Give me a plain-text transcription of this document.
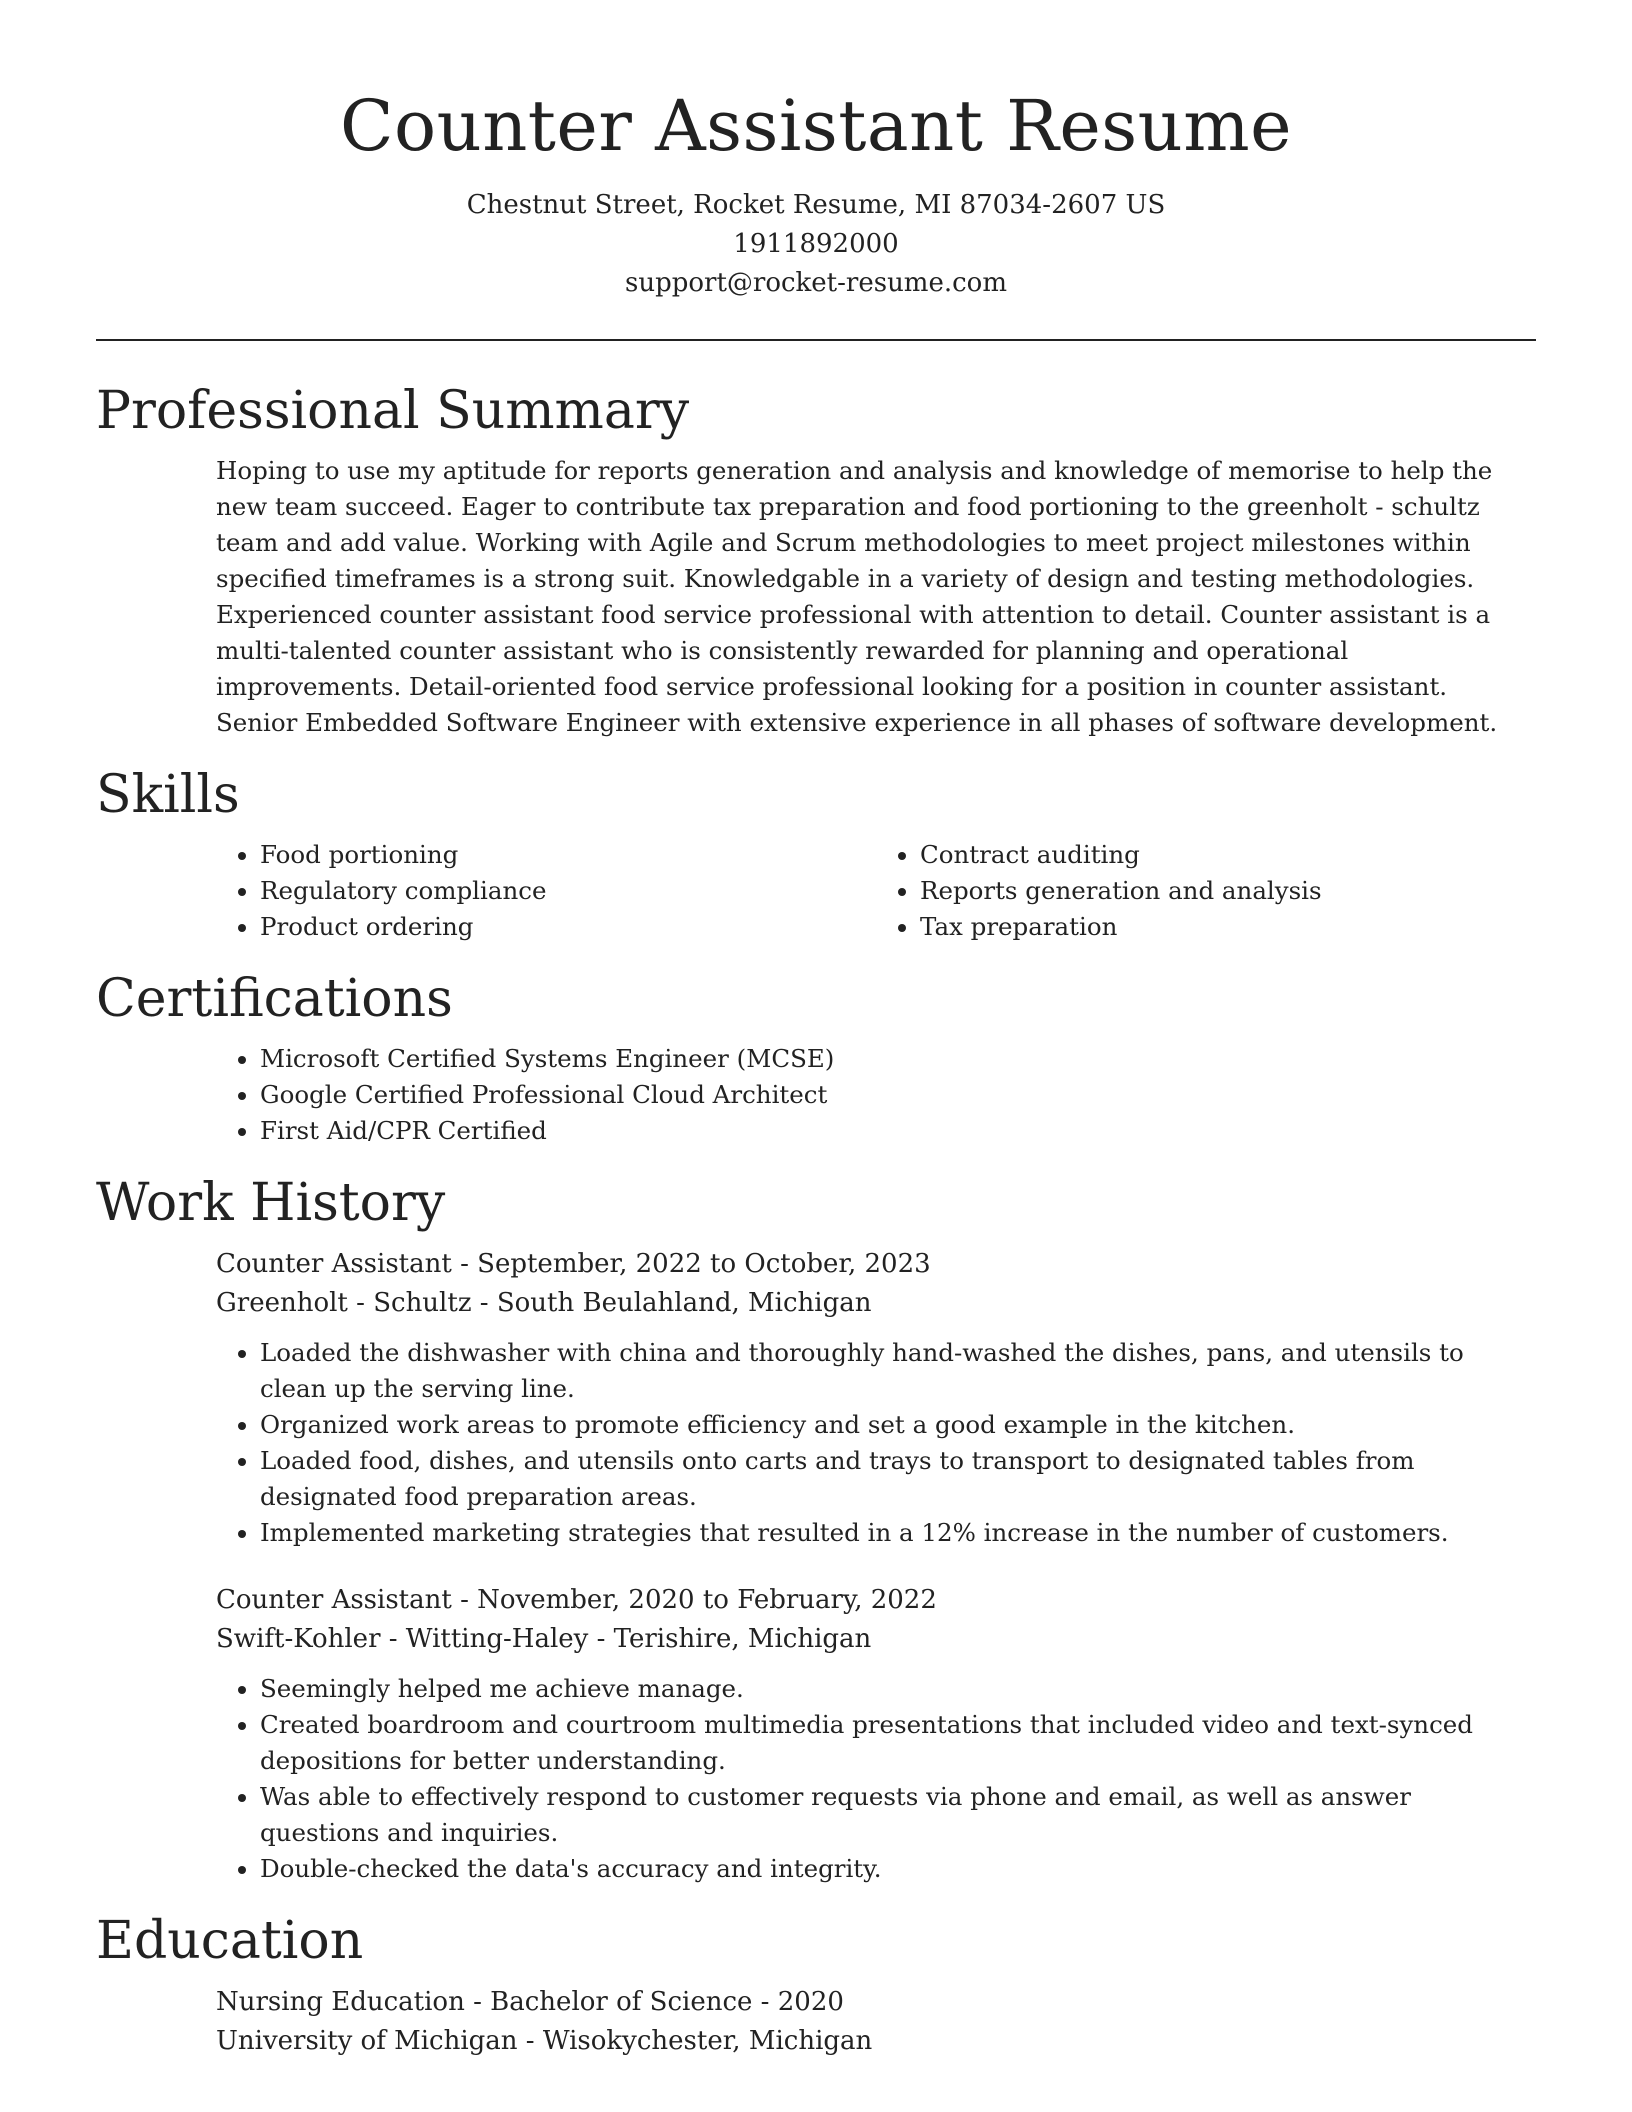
Counter Assistant Resume
Chestnut Street, Rocket Resume, MI 87034-2607 US
1911892000
support@rocket-resume.com
Professional Summary
Hoping to use my aptitude for reports generation and analysis and knowledge of memorise to help the new team succeed. Eager to contribute tax preparation and food portioning to the greenholt - schultz team and add value. Working with Agile and Scrum methodologies to meet project milestones within specified timeframes is a strong suit. Knowledgable in a variety of design and testing methodologies. Experienced counter assistant food service professional with attention to detail. Counter assistant is a multi-talented counter assistant who is consistently rewarded for planning and operational improvements. Detail-oriented food service professional looking for a position in counter assistant. Senior Embedded Software Engineer with extensive experience in all phases of software development.
Skills
• Food portioning
• Regulatory compliance
• Product ordering
• Contract auditing
• Reports generation and analysis
• Tax preparation
Certifications
• Microsoft Certified Systems Engineer (MCSE)
• Google Certified Professional Cloud Architect
• First Aid/CPR Certified
Work History
Counter Assistant - September, 2022 to October, 2023
Greenholt - Schultz - South Beulahland, Michigan
• Loaded the dishwasher with china and thoroughly hand-washed the dishes, pans, and utensils to clean up the serving line.
• Organized work areas to promote efficiency and set a good example in the kitchen.
• Loaded food, dishes, and utensils onto carts and trays to transport to designated tables from designated food preparation areas.
• Implemented marketing strategies that resulted in a 12% increase in the number of customers.
Counter Assistant - November, 2020 to February, 2022
Swift-Kohler - Witting-Haley - Terishire, Michigan
• Seemingly helped me achieve manage.
• Created boardroom and courtroom multimedia presentations that included video and text-synced depositions for better understanding.
• Was able to effectively respond to customer requests via phone and email, as well as answer questions and inquiries.
• Double-checked the data's accuracy and integrity.
Education
Nursing Education - Bachelor of Science - 2020
University of Michigan - Wisokychester, Michigan
